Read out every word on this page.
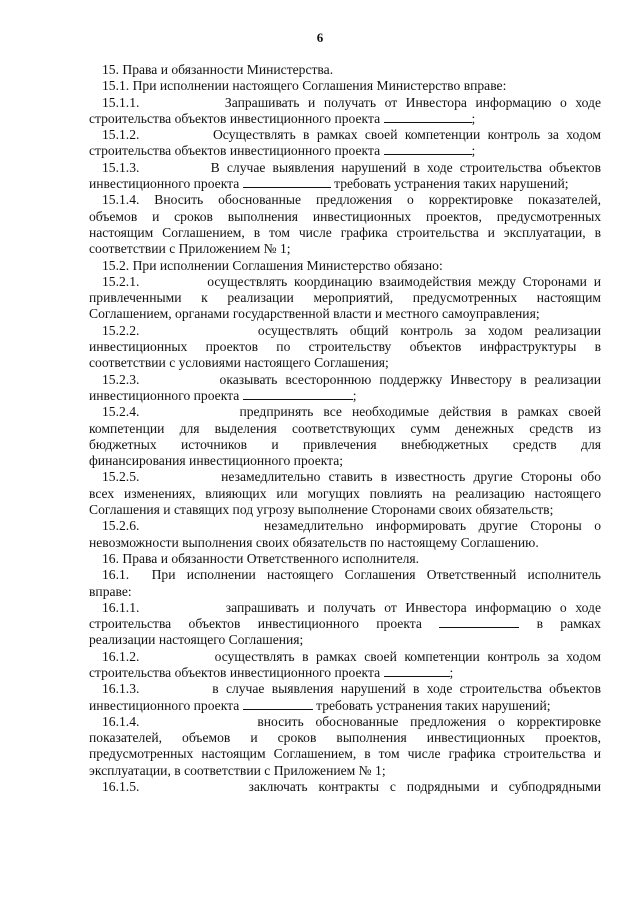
6
15. Права и обязанности Министерства.
15.1. При исполнении настоящего Соглашения Министерство вправе:
15.1.1.          Запрашивать и получать от Инвестора информацию о ходе
строительства объектов инвестиционного проекта	;
15.1.2.          Осуществлять в рамках своей компетенции контроль за ходом
строительства объектов инвестиционного проекта	;
15.1.3.          В случае выявления нарушений в ходе строительства объектов
инвестиционного проекта	требовать устранения таких нарушений;
15.1.4. Вносить обоснованные предложения о корректировке показателей,
объемов и сроков выполнения инвестиционных проектов, предусмотренных
настоящим Соглашением, в том числе графика строительства и эксплуатации, в
соответствии с Приложением № 1;
15.2. При исполнении Соглашения Министерство обязано:
15.2.1.          осуществлять координацию взаимодействия между Сторонами и
привлеченными к реализации мероприятий, предусмотренных настоящим
Соглашением, органами государственной власти и местного самоуправления;
15.2.2.          осуществлять общий контроль за ходом реализации
инвестиционных проектов по строительству объектов инфраструктуры в
соответствии с условиями настоящего Соглашения;
15.2.3.          оказывать всестороннюю поддержку Инвестору в реализации
инвестиционного проекта	;
15.2.4.          предпринять все необходимые действия в рамках своей
компетенции для выделения соответствующих сумм денежных средств из
бюджетных источников и привлечения внебюджетных средств для
финансирования инвестиционного проекта;
15.2.5.          незамедлительно ставить в известность другие Стороны обо
всех изменениях, влияющих или могущих повлиять на реализацию настоящего
Соглашения и ставящих под угрозу выполнение Сторонами своих обязательств;
15.2.6.          незамедлительно информировать другие Стороны о
невозможности выполнения своих обязательств по настоящему Соглашению.
16. Права и обязанности Ответственного исполнителя.
16.1.  При исполнении настоящего Соглашения Ответственный исполнитель
вправе:
16.1.1.          запрашивать и получать от Инвестора информацию о ходе
строительства объектов инвестиционного проекта	в рамках
реализации настоящего Соглашения;
16.1.2.          осуществлять в рамках своей компетенции контроль за ходом
строительства объектов инвестиционного проекта	;
16.1.3.          в случае выявления нарушений в ходе строительства объектов
инвестиционного проекта	требовать устранения таких нарушений;
16.1.4.          вносить обоснованные предложения о корректировке
показателей, объемов и сроков выполнения инвестиционных проектов,
предусмотренных настоящим Соглашением, в том числе графика строительства и
эксплуатации, в соответствии с Приложением № 1;
16.1.5.          заключать контракты с подрядными и субподрядными
